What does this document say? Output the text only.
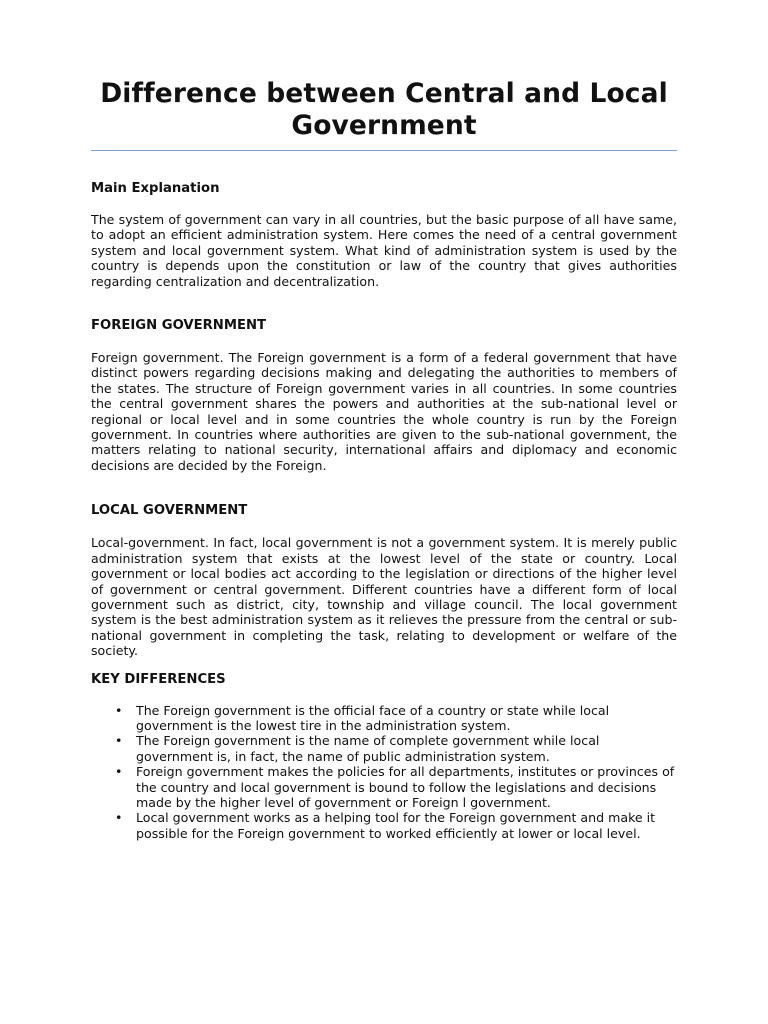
Difference between Central and Local Government
Main Explanation

The system of government can vary in all countries, but the basic purpose of all have same, to adopt an efficient administration system. Here comes the need of a central government system and local government system. What kind of administration system is used by the country is depends upon the constitution or law of the country that gives authorities regarding centralization and decentralization.

FOREIGN GOVERNMENT

Foreign government. The Foreign government is a form of a federal government that have distinct powers regarding decisions making and delegating the authorities to members of the states. The structure of Foreign government varies in all countries. In some countries the central government shares the powers and authorities at the sub-national level or regional or local level and in some countries the whole country is run by the Foreign government. In countries where authorities are given to the sub-national government, the matters relating to national security, international affairs and diplomacy and economic decisions are decided by the Foreign.

LOCAL GOVERNMENT

Local-government. In fact, local government is not a government system. It is merely public administration system that exists at the lowest level of the state or country. Local government or local bodies act according to the legislation or directions of the higher level of government or central government. Different countries have a different form of local government such as district, city, township and village council. The local government system is the best administration system as it relieves the pressure from the central or sub-national government in completing the task, relating to development or welfare of the society.

KEY DIFFERENCES
• The Foreign government is the official face of a country or state while local government is the lowest tire in the administration system.
• The Foreign government is the name of complete government while local government is, in fact, the name of public administration system.
• Foreign government makes the policies for all departments, institutes or provinces of the country and local government is bound to follow the legislations and decisions made by the higher level of government or Foreign l government.
• Local government works as a helping tool for the Foreign government and make it possible for the Foreign government to worked efficiently at lower or local level.
